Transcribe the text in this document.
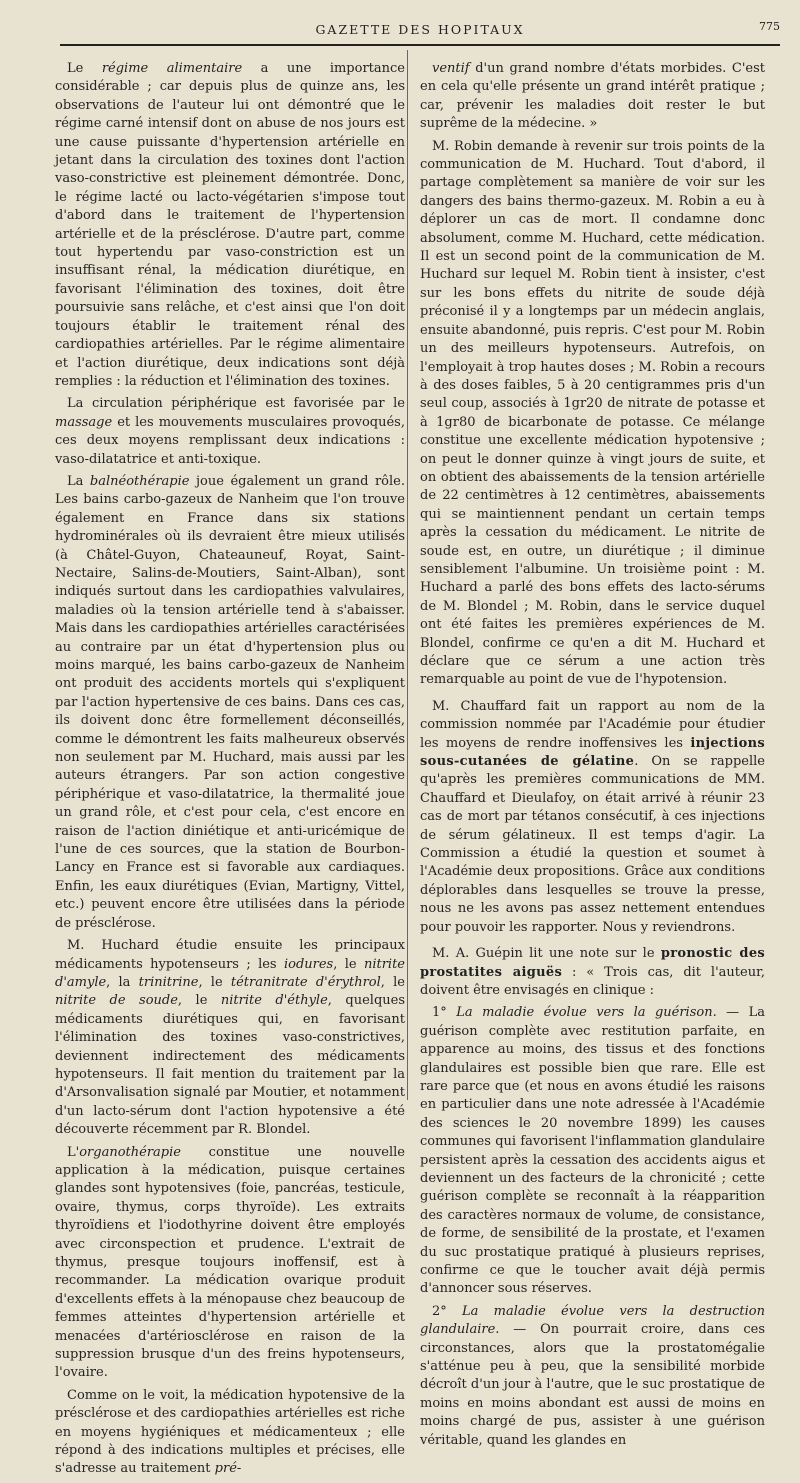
GAZETTE DES HOPITAUX	775

Le régime alimentaire a une importance considérable ; car depuis plus de quinze ans, les observations de l'auteur lui ont démontré que le régime carné intensif dont on abuse de nos jours est une cause puissante d'hypertension artérielle en jetant dans la circulation des toxines dont l'action vaso-constrictive est pleinement démontrée. Donc, le régime lacté ou lacto-végétarien s'impose tout d'abord dans le traitement de l'hypertension artérielle et de la présclérose. D'autre part, comme tout hypertendu par vaso-constriction est un insuffisant rénal, la médication diurétique, en favorisant l'élimination des toxines, doit être poursuivie sans relâche, et c'est ainsi que l'on doit toujours établir le traitement rénal des cardiopathies artérielles. Par le régime alimentaire et l'action diurétique, deux indications sont déjà remplies : la réduction et l'élimination des toxines.

La circulation périphérique est favorisée par le massage et les mouvements musculaires provoqués, ces deux moyens remplissant deux indications : vaso-dilatatrice et anti-toxique.

La balnéothérapie joue également un grand rôle. Les bains carbo-gazeux de Nanheim que l'on trouve également en France dans six stations hydrominérales où ils devraient être mieux utilisés (à Châtel-Guyon, Chateauneuf, Royat, Saint-Nectaire, Salins-de-Moutiers, Saint-Alban), sont indiqués surtout dans les cardiopathies valvulaires, maladies où la tension artérielle tend à s'abaisser. Mais dans les cardiopathies artérielles caractérisées au contraire par un état d'hypertension plus ou moins marqué, les bains carbo-gazeux de Nanheim ont produit des accidents mortels qui s'expliquent par l'action hypertensive de ces bains. Dans ces cas, ils doivent donc être formellement déconseillés, comme le démontrent les faits malheureux observés non seulement par M. Huchard, mais aussi par les auteurs étrangers. Par son action congestive périphérique et vaso-dilatatrice, la thermalité joue un grand rôle, et c'est pour cela, c'est encore en raison de l'action diniétique et anti-uricémique de l'une de ces sources, que la station de Bourbon-Lancy en France est si favorable aux cardiaques. Enfin, les eaux diurétiques (Evian, Martigny, Vittel, etc.) peuvent encore être utilisées dans la période de présclérose.

M. Huchard étudie ensuite les principaux médicaments hypotenseurs ; les iodures, le nitrite d'amyle, la trinitrine, le tétranitrate d'érythrol, le nitrite de soude, le nitrite d'éthyle, quelques médicaments diurétiques qui, en favorisant l'élimination des toxines vaso-constrictives, deviennent indirectement des médicaments hypotenseurs. Il fait mention du traitement par la d'Arsonvalisation signalé par Moutier, et notamment d'un lacto-sérum dont l'action hypotensive a été découverte récemment par R. Blondel.

L'organothérapie constitue une nouvelle application à la médication, puisque certaines glandes sont hypotensives (foie, pancréas, testicule, ovaire, thymus, corps thyroïde). Les extraits thyroïdiens et l'iodothyrine doivent être employés avec circonspection et prudence. L'extrait de thymus, presque toujours inoffensif, est à recommander. La médication ovarique produit d'excellents effets à la ménopause chez beaucoup de femmes atteintes d'hypertension artérielle et menacées d'artériosclérose en raison de la suppression brusque d'un des freins hypotenseurs, l'ovaire.

Comme on le voit, la médication hypotensive de la présclérose et des cardiopathies artérielles est riche en moyens hygiéniques et médicamenteux ; elle répond à des indications multiples et précises, elle s'adresse au traitement pré-

ventif d'un grand nombre d'états morbides. C'est en cela qu'elle présente un grand intérêt pratique ; car, prévenir les maladies doit rester le but suprême de la médecine. »

M. Robin demande à revenir sur trois points de la communication de M. Huchard. Tout d'abord, il partage complètement sa manière de voir sur les dangers des bains thermo-gazeux. M. Robin a eu à déplorer un cas de mort. Il condamne donc absolument, comme M. Huchard, cette médication. Il est un second point de la communication de M. Huchard sur lequel M. Robin tient à insister, c'est sur les bons effets du nitrite de soude déjà préconisé il y a longtemps par un médecin anglais, ensuite abandonné, puis repris. C'est pour M. Robin un des meilleurs hypotenseurs. Autrefois, on l'employait à trop hautes doses ; M. Robin a recours à des doses faibles, 5 à 20 centigrammes pris d'un seul coup, associés à 1gr20 de nitrate de potasse et à 1gr80 de bicarbonate de potasse. Ce mélange constitue une excellente médication hypotensive ; on peut le donner quinze à vingt jours de suite, et on obtient des abaissements de la tension artérielle de 22 centimètres à 12 centimètres, abaissements qui se maintiennent pendant un certain temps après la cessation du médicament. Le nitrite de soude est, en outre, un diurétique ; il diminue sensiblement l'albumine. Un troisième point : M. Huchard a parlé des bons effets des lacto-sérums de M. Blondel ; M. Robin, dans le service duquel ont été faites les premières expériences de M. Blondel, confirme ce qu'en a dit M. Huchard et déclare que ce sérum a une action très remarquable au point de vue de l'hypotension.

M. Chauffard fait un rapport au nom de la commission nommée par l'Académie pour étudier les moyens de rendre inoffensives les injections sous-cutanées de gélatine. On se rappelle qu'après les premières communications de MM. Chauffard et Dieulafoy, on était arrivé à réunir 23 cas de mort par tétanos consécutif, à ces injections de sérum gélatineux. Il est temps d'agir. La Commission a étudié la question et soumet à l'Académie deux propositions. Grâce aux conditions déplorables dans lesquelles se trouve la presse, nous ne les avons pas assez nettement entendues pour pouvoir les rapporter. Nous y reviendrons.

M. A. Guépin lit une note sur le pronostic des prostatites aiguës : « Trois cas, dit l'auteur, doivent être envisagés en clinique :

1° La maladie évolue vers la guérison. — La guérison complète avec restitution parfaite, en apparence au moins, des tissus et des fonctions glandulaires est possible bien que rare. Elle est rare parce que (et nous en avons étudié les raisons en particulier dans une note adressée à l'Académie des sciences le 20 novembre 1899) les causes communes qui favorisent l'inflammation glandulaire persistent après la cessation des accidents aigus et deviennent un des facteurs de la chronicité ; cette guérison complète se reconnaît à la réapparition des caractères normaux de volume, de consistance, de forme, de sensibilité de la prostate, et l'examen du suc prostatique pratiqué à plusieurs reprises, confirme ce que le toucher avait déjà permis d'annoncer sous réserves.

2° La maladie évolue vers la destruction glandulaire. — On pourrait croire, dans ces circonstances, alors que la prostatomégalie s'atténue peu à peu, que la sensibilité morbide décroît d'un jour à l'autre, que le suc prostatique de moins en moins abondant est aussi de moins en moins chargé de pus, assister à une guérison véritable, quand les glandes en
